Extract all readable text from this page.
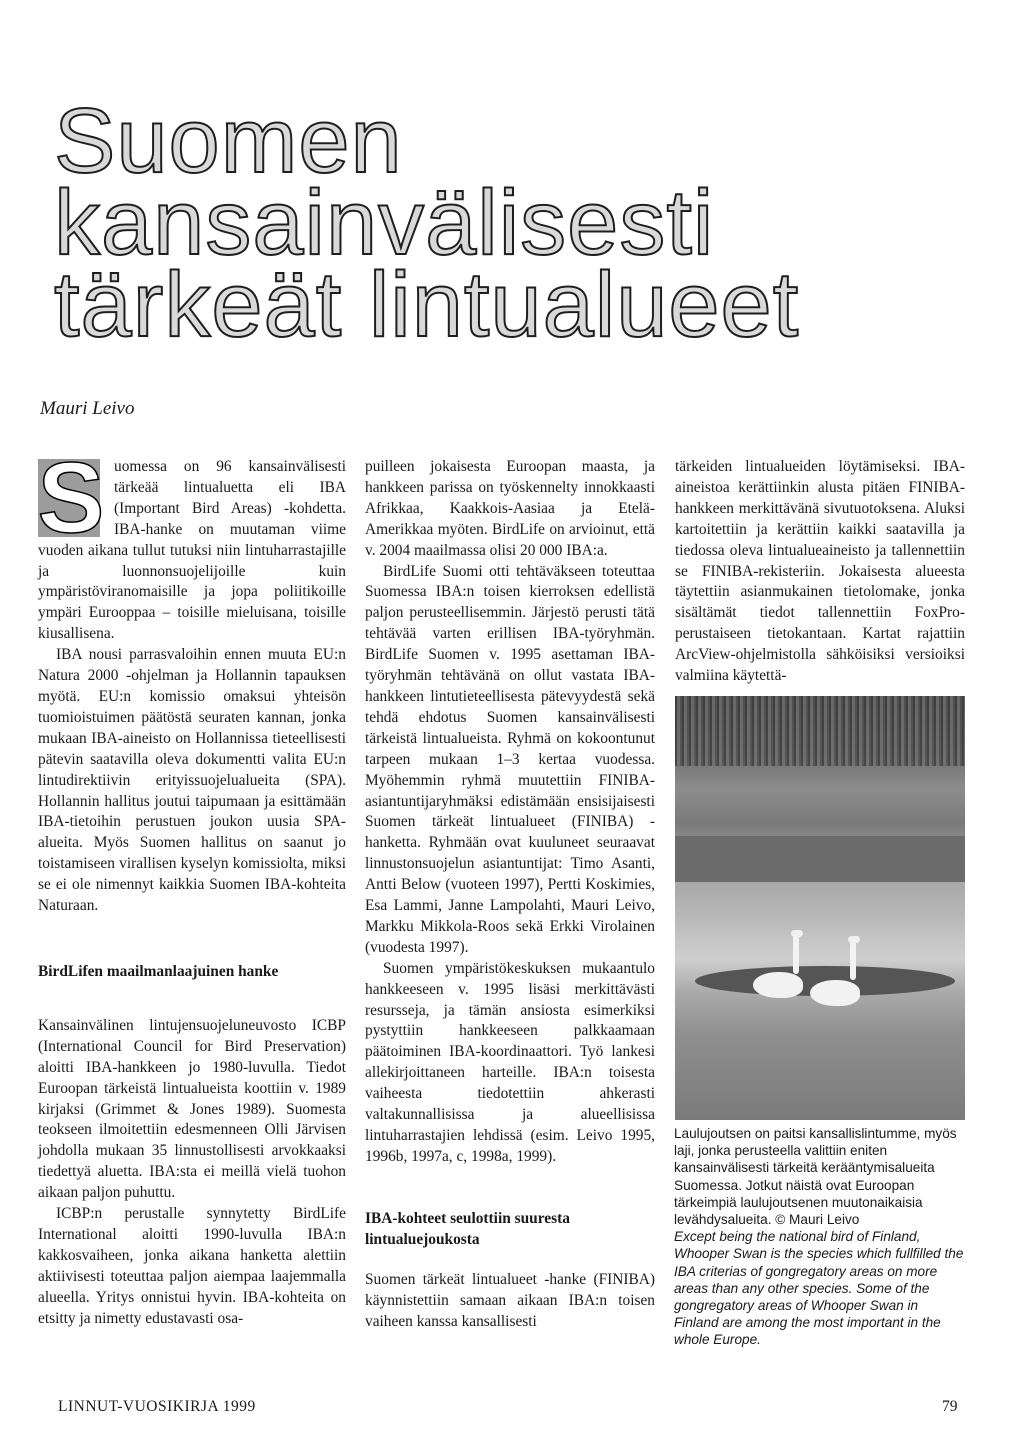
Suomen
kansainvälisesti
tärkeät lintualueet
Mauri Leivo

S uomessa on 96 kansainvälisesti tärkeää lintualuetta eli IBA (Important Bird Areas) -kohdetta. IBA-hanke on muutaman viime vuoden aikana tullut tutuksi niin lintuharrastajille ja luonnonsuojelijoille kuin ympäristöviranomaisille ja jopa poliitikoille ympäri Eurooppaa – toisille mieluisana, toisille kiusallisena.

IBA nousi parrasvaloihin ennen muuta EU:n Natura 2000 -ohjelman ja Hollannin tapauksen myötä. EU:n komissio omaksui yhteisön tuomioistuimen päätöstä seuraten kannan, jonka mukaan IBA-aineisto on Hollannissa tieteellisesti pätevin saatavilla oleva dokumentti valita EU:n lintudirektiivin erityissuojelualueita (SPA). Hollannin hallitus joutui taipumaan ja esittämään IBA-tietoihin perustuen joukon uusia SPA-alueita. Myös Suomen hallitus on saanut jo toistamiseen virallisen kyselyn komissiolta, miksi se ei ole nimennyt kaikkia Suomen IBA-kohteita Naturaan.

BirdLifen maailmanlaajuinen hanke

Kansainvälinen lintujensuojeluneuvosto ICBP (International Council for Bird Preservation) aloitti IBA-hankkeen jo 1980-luvulla. Tiedot Euroopan tärkeistä lintualueista koottiin v. 1989 kirjaksi (Grimmet & Jones 1989). Suomesta teokseen ilmoitettiin edesmenneen Olli Järvisen johdolla mukaan 35 linnustollisesti arvokkaaksi tiedettyä aluetta. IBA:sta ei meillä vielä tuohon aikaan paljon puhuttu.

ICBP:n perustalle synnytetty BirdLife International aloitti 1990-luvulla IBA:n kakkosvaiheen, jonka aikana hanketta alettiin aktiivisesti toteuttaa paljon aiempaa laajemmalla alueella. Yritys onnistui hyvin. IBA-kohteita on etsitty ja nimetty edustavasti osa-

puilleen jokaisesta Euroopan maasta, ja hankkeen parissa on työskennelty innokkaasti Afrikkaa, Kaakkois-Aasiaa ja Etelä-Amerikkaa myöten. BirdLife on arvioinut, että v. 2004 maailmassa olisi 20 000 IBA:a.

BirdLife Suomi otti tehtäväkseen toteuttaa Suomessa IBA:n toisen kierroksen edellistä paljon perusteellisemmin. Järjestö perusti tätä tehtävää varten erillisen IBA-työryhmän. BirdLife Suomen v. 1995 asettaman IBA-työryhmän tehtävänä on ollut vastata IBA-hankkeen lintutieteellisesta pätevyydestä sekä tehdä ehdotus Suomen kansainvälisesti tärkeistä lintualueista. Ryhmä on kokoontunut tarpeen mukaan 1–3 kertaa vuodessa. Myöhemmin ryhmä muutettiin FINIBA-asiantuntijaryhmäksi edistämään ensisijaisesti Suomen tärkeät lintualueet (FINIBA) -hanketta. Ryhmään ovat kuuluneet seuraavat linnustonsuojelun asiantuntijat: Timo Asanti, Antti Below (vuoteen 1997), Pertti Koskimies, Esa Lammi, Janne Lampolahti, Mauri Leivo, Markku Mikkola-Roos sekä Erkki Virolainen (vuodesta 1997).

Suomen ympäristökeskuksen mukaantulo hankkeeseen v. 1995 lisäsi merkittävästi resursseja, ja tämän ansiosta esimerkiksi pystyttiin hankkeeseen palkkaamaan päätoiminen IBA-koordinaattori. Työ lankesi allekirjoittaneen harteille. IBA:n toisesta vaiheesta tiedotettiin ahkerasti valtakunnallisissa ja alueellisissa lintuharrastajien lehdissä (esim. Leivo 1995, 1996b, 1997a, c, 1998a, 1999).

IBA-kohteet seulottiin suuresta lintualuejoukosta

Suomen tärkeät lintualueet -hanke (FINIBA) käynnistettiin samaan aikaan IBA:n toisen vaiheen kanssa kansallisesti

tärkeiden lintualueiden löytämiseksi. IBA-aineistoa kerättiinkin alusta pitäen FINIBA-hankkeen merkittävänä sivutuotoksena. Aluksi kartoitettiin ja kerättiin kaikki saatavilla ja tiedossa oleva lintualueaineisto ja tallennettiin se FINIBA-rekisteriin. Jokaisesta alueesta täytettiin asianmukainen tietolomake, jonka sisältämät tiedot tallennettiin FoxPro-perustaiseen tietokantaan. Kartat rajattiin ArcView-ohjelmistolla sähköisiksi versioiksi valmiina käytettä-

Laulujoutsen on paitsi kansallislintumme, myös laji, jonka perusteella valittiin eniten kansainvälisesti tärkeitä kerääntymisalueita Suomessa. Jotkut näistä ovat Euroopan tärkeimpiä laulujoutsenen muutonaikaisia levähdysalueita. © Mauri Leivo

Except being the national bird of Finland, Whooper Swan is the species which fullfilled the IBA criterias of gongregatory areas on more areas than any other species. Some of the gongregatory areas of Whooper Swan in Finland are among the most important in the whole Europe.

LINNUT-VUOSIKIRJA 1999	79
